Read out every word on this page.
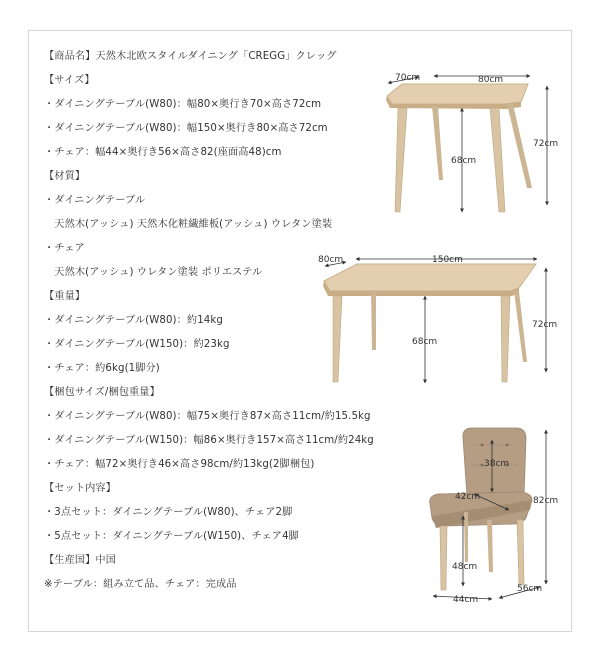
【商品名】天然木北欧スタイルダイニング「CREGG」クレッグ
【サイズ】
・ダイニングテーブル(W80)：幅80×奥行き70×高さ72cm
・ダイニングテーブル(W80)：幅150×奥行き80×高さ72cm
・チェア：幅44×奥行き56×高さ82(座面高48)cm
【材質】
・ダイニングテーブル
　天然木(アッシュ) 天然木化粧繊維板(アッシュ) ウレタン塗装
・チェア
　天然木(アッシュ) ウレタン塗装 ポリエステル
【重量】
・ダイニングテーブル(W80)：約14kg
・ダイニングテーブル(W150)：約23kg
・チェア：約6kg(1脚分)
【梱包サイズ/梱包重量】
・ダイニングテーブル(W80)：幅75×奥行き87×高さ11cm/約15.5kg
・ダイニングテーブル(W150)：幅86×奥行き157×高さ11cm/約24kg
・チェア：幅72×奥行き46×高さ98cm/約13kg(2脚梱包)
【セット内容】
・3点セット：ダイニングテーブル(W80)、チェア2脚
・5点セット：ダイニングテーブル(W150)、チェア4脚
【生産国】中国
※テーブル：組み立て品、チェア：完成品
70cm	80cm
72cm
68cm
80cm	150cm
72cm
68cm
38cm
42cm	82cm
48cm
44cm
56cm
